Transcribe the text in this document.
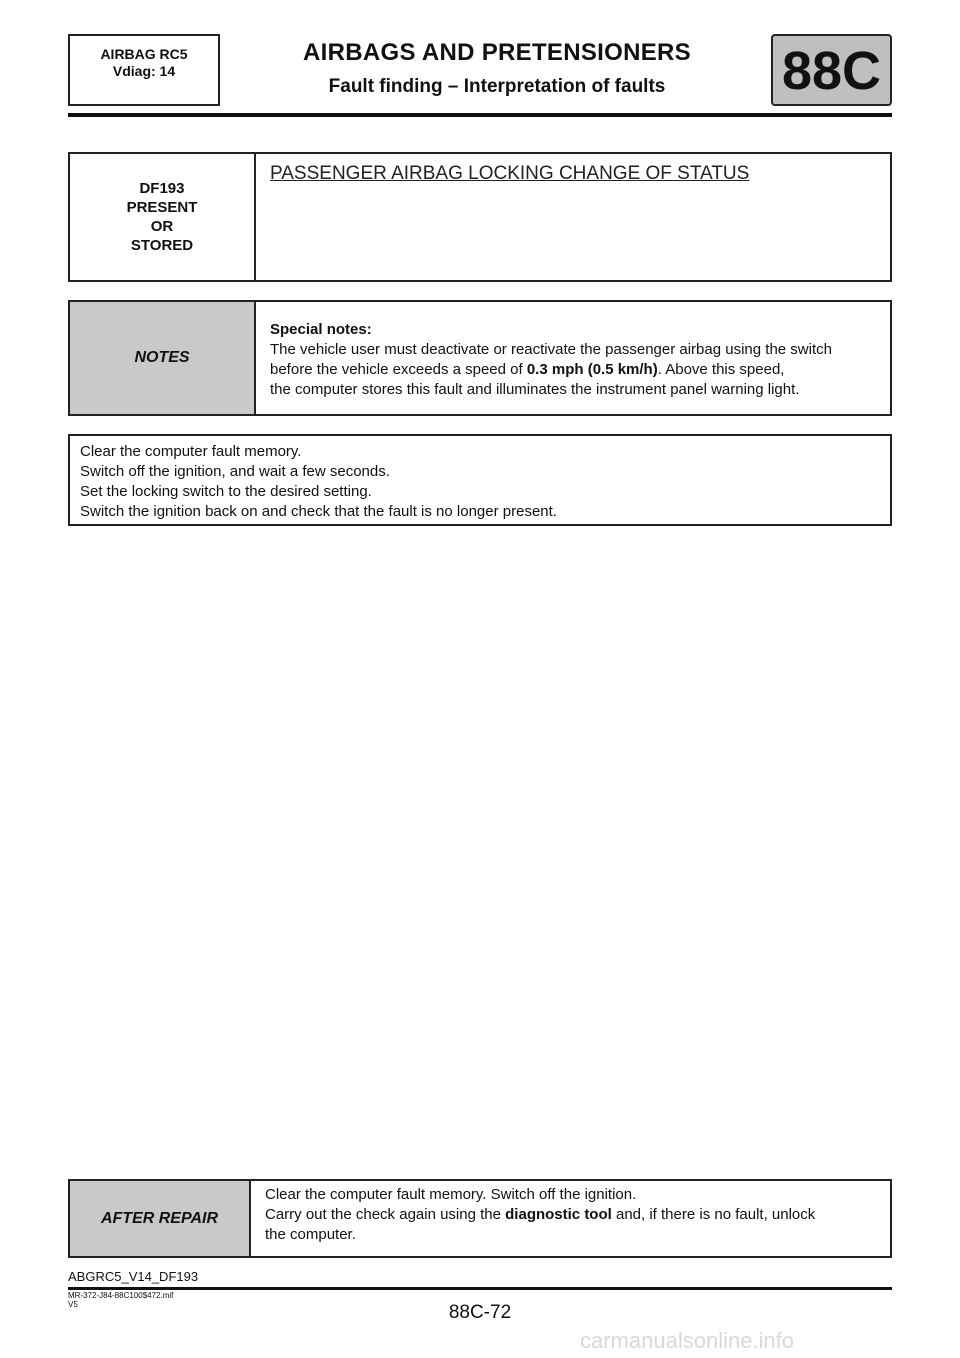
AIRBAG RC5
Vdiag: 14
AIRBAGS AND PRETENSIONERS
Fault finding – Interpretation of faults	88C
DF193
PRESENT
OR
STORED
PASSENGER AIRBAG LOCKING CHANGE OF STATUS
NOTES
Special notes:
The vehicle user must deactivate or reactivate the passenger airbag using the switch
before the vehicle exceeds a speed of 0.3 mph (0.5 km/h). Above this speed,
the computer stores this fault and illuminates the instrument panel warning light.
Clear the computer fault memory.
Switch off the ignition, and wait a few seconds.
Set the locking switch to the desired setting.
Switch the ignition back on and check that the fault is no longer present.
AFTER REPAIR
Clear the computer fault memory. Switch off the ignition.
Carry out the check again using the diagnostic tool and, if there is no fault, unlock
the computer.
ABGRC5_V14_DF193
MR-372-J84-88C100$472.mif
V5	88C-72
carmanualsonline.info
